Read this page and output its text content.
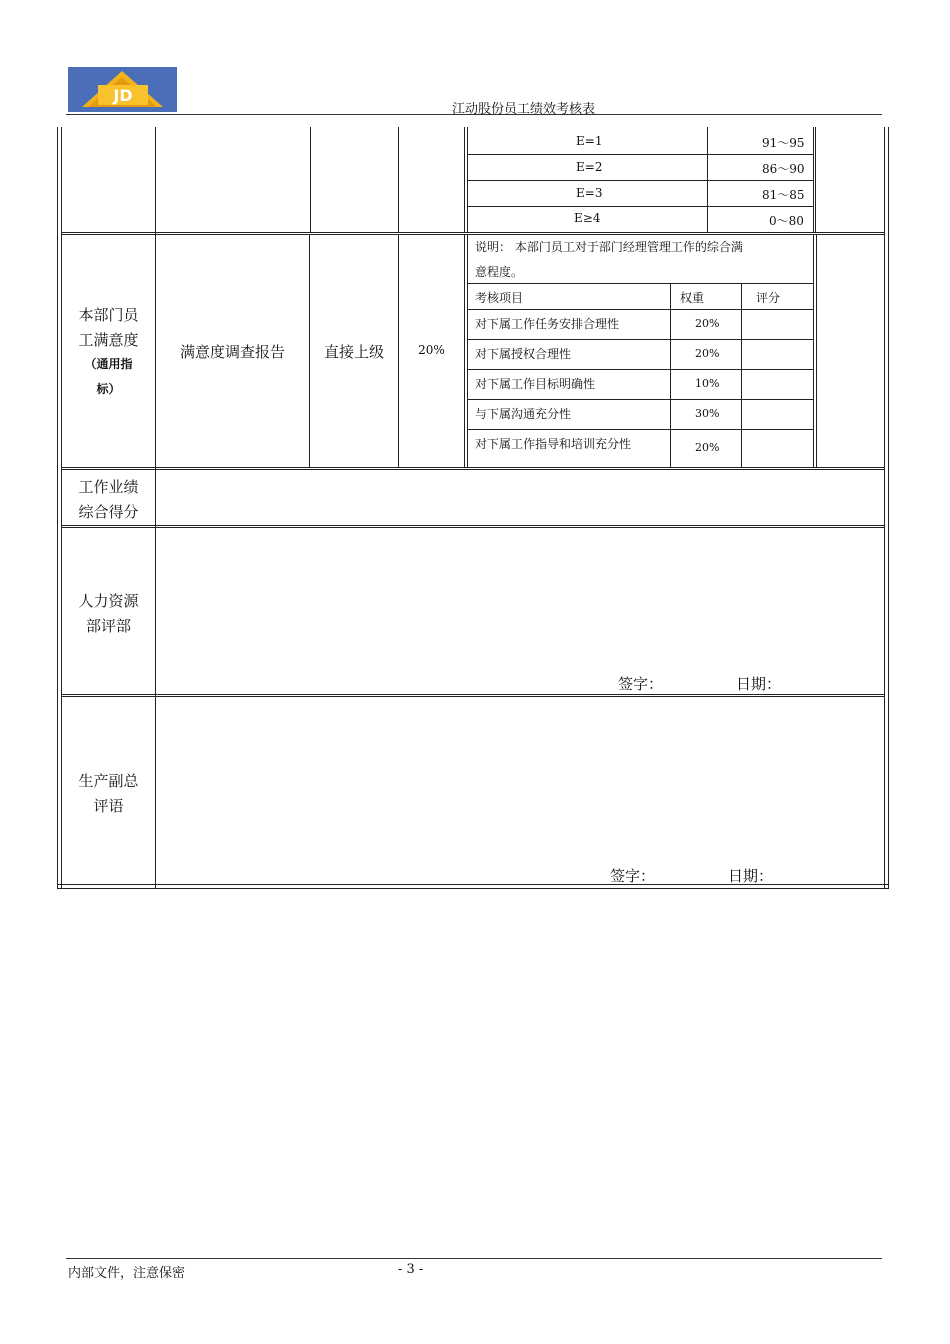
JD
江动股份员工绩效考核表
E=1	91～95
E=2	86～90
E=3	81～85
E≥4	0～80
本部门员
工满意度
（通用指
标）
满意度调查报告	直接上级	20%
说明： 本部门员工对于部门经理管理工作的综合满
意程度。
考核项目	权重	评分
对下属工作任务安排合理性	20%
对下属授权合理性	20%
对下属工作目标明确性	10%
与下属沟通充分性	30%
对下属工作指导和培训充分性	20%
工作业绩
综合得分
人力资源
部评部
签字：	日期：
生产副总
评语
签字：	日期：
内部文件，注意保密	- 3 -
